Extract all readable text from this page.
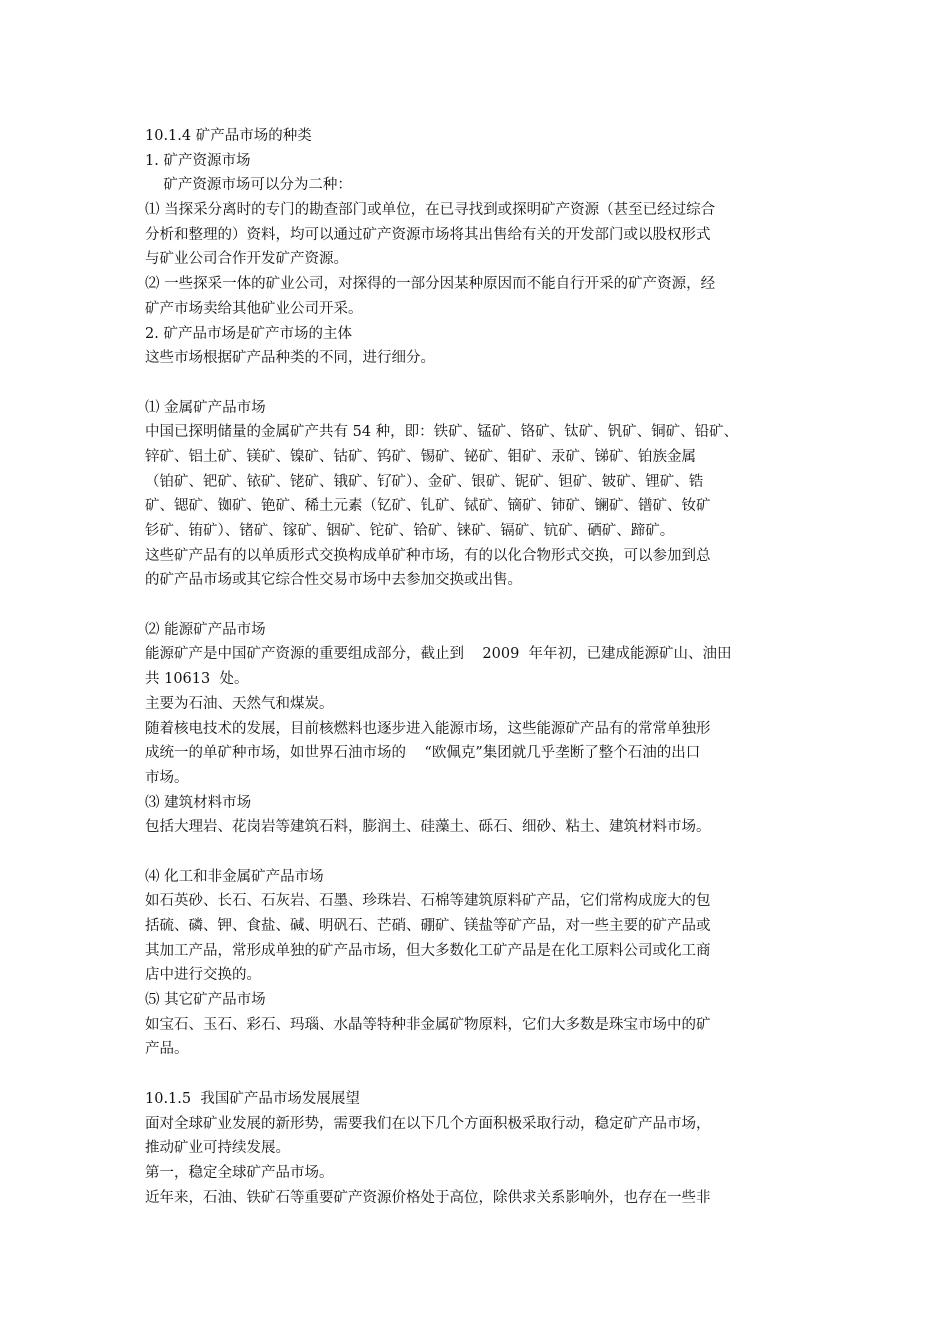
10.1.4 矿产品市场的种类
1. 矿产资源市场
矿产资源市场可以分为二种：
⑴ 当探采分离时的专门的勘查部门或单位，在已寻找到或探明矿产资源（甚至已经过综合
分析和整理的）资料，均可以通过矿产资源市场将其出售给有关的开发部门或以股权形式
与矿业公司合作开发矿产资源。
⑵ 一些探采一体的矿业公司，对探得的一部分因某种原因而不能自行开采的矿产资源，经
矿产市场卖给其他矿业公司开采。
2. 矿产品市场是矿产市场的主体
这些市场根据矿产品种类的不同，进行细分。
⑴ 金属矿产品市场
中国已探明储量的金属矿产共有 54 种，即：铁矿、锰矿、铬矿、钛矿、钒矿、铜矿、铅矿、
锌矿、铝土矿、镁矿、镍矿、钴矿、钨矿、锡矿、铋矿、钼矿、汞矿、锑矿、铂族金属
（铂矿、钯矿、铱矿、铑矿、锇矿、钌矿）、金矿、银矿、铌矿、钽矿、铍矿、锂矿、锆
矿、锶矿、铷矿、铯矿、稀土元素（钇矿、钆矿、铽矿、镝矿、铈矿、镧矿、镨矿、钕矿
钐矿、铕矿）、锗矿、镓矿、铟矿、铊矿、铪矿、铼矿、镉矿、钪矿、硒矿、蹄矿。
这些矿产品有的以单质形式交换构成单矿种市场，有的以化合物形式交换，可以参加到总
的矿产品市场或其它综合性交易市场中去参加交换或出售。
⑵ 能源矿产品市场
能源矿产是中国矿产资源的重要组成部分，截止到    2009  年年初，已建成能源矿山、油田
共 10613  处。
主要为石油、天然气和煤炭。
随着核电技术的发展，目前核燃料也逐步进入能源市场，这些能源矿产品有的常常单独形
成统一的单矿种市场，如世界石油市场的    “欧佩克”集团就几乎垄断了整个石油的出口
市场。
⑶ 建筑材料市场
包括大理岩、花岗岩等建筑石料，膨润土、硅藻土、砾石、细砂、粘土、建筑材料市场。
⑷ 化工和非金属矿产品市场
如石英砂、长石、石灰岩、石墨、珍珠岩、石棉等建筑原料矿产品，它们常构成庞大的包
括硫、磷、钾、食盐、碱、明矾石、芒硝、硼矿、镁盐等矿产品，对一些主要的矿产品或
其加工产品，常形成单独的矿产品市场，但大多数化工矿产品是在化工原料公司或化工商
店中进行交换的。
⑸ 其它矿产品市场
如宝石、玉石、彩石、玛瑙、水晶等特种非金属矿物原料，它们大多数是珠宝市场中的矿
产品。
10.1.5  我国矿产品市场发展展望
面对全球矿业发展的新形势，需要我们在以下几个方面积极采取行动，稳定矿产品市场，
推动矿业可持续发展。
第一，稳定全球矿产品市场。
近年来，石油、铁矿石等重要矿产资源价格处于高位，除供求关系影响外，也存在一些非
